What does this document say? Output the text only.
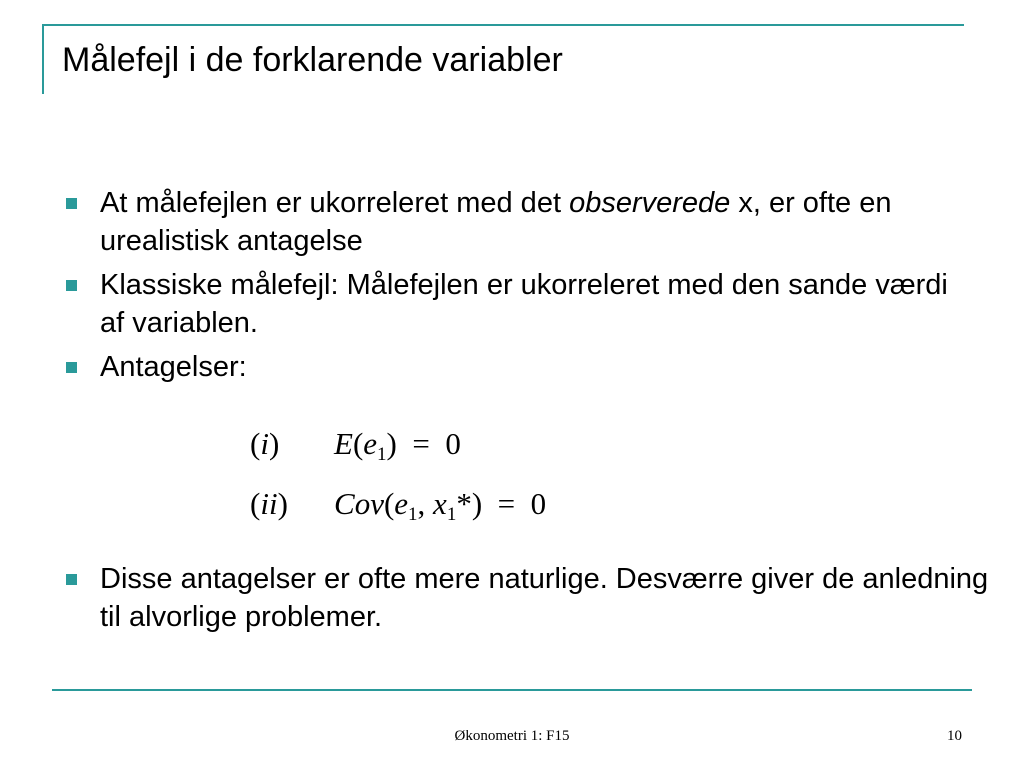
Målefejl i de forklarende variabler
At målefejlen er ukorreleret med det observerede x, er ofte en urealistisk antagelse
Klassiske målefejl: Målefejlen er ukorreleret med den sande værdi af variablen.
Antagelser:
(i)	$E(e_1) = 0$
(ii)	$Cov(e_1$, $x_1*) = 0$
Disse antagelser er ofte mere naturlige. Desværre giver de anledning til alvorlige problemer.
Økonometri 1: F15	10
